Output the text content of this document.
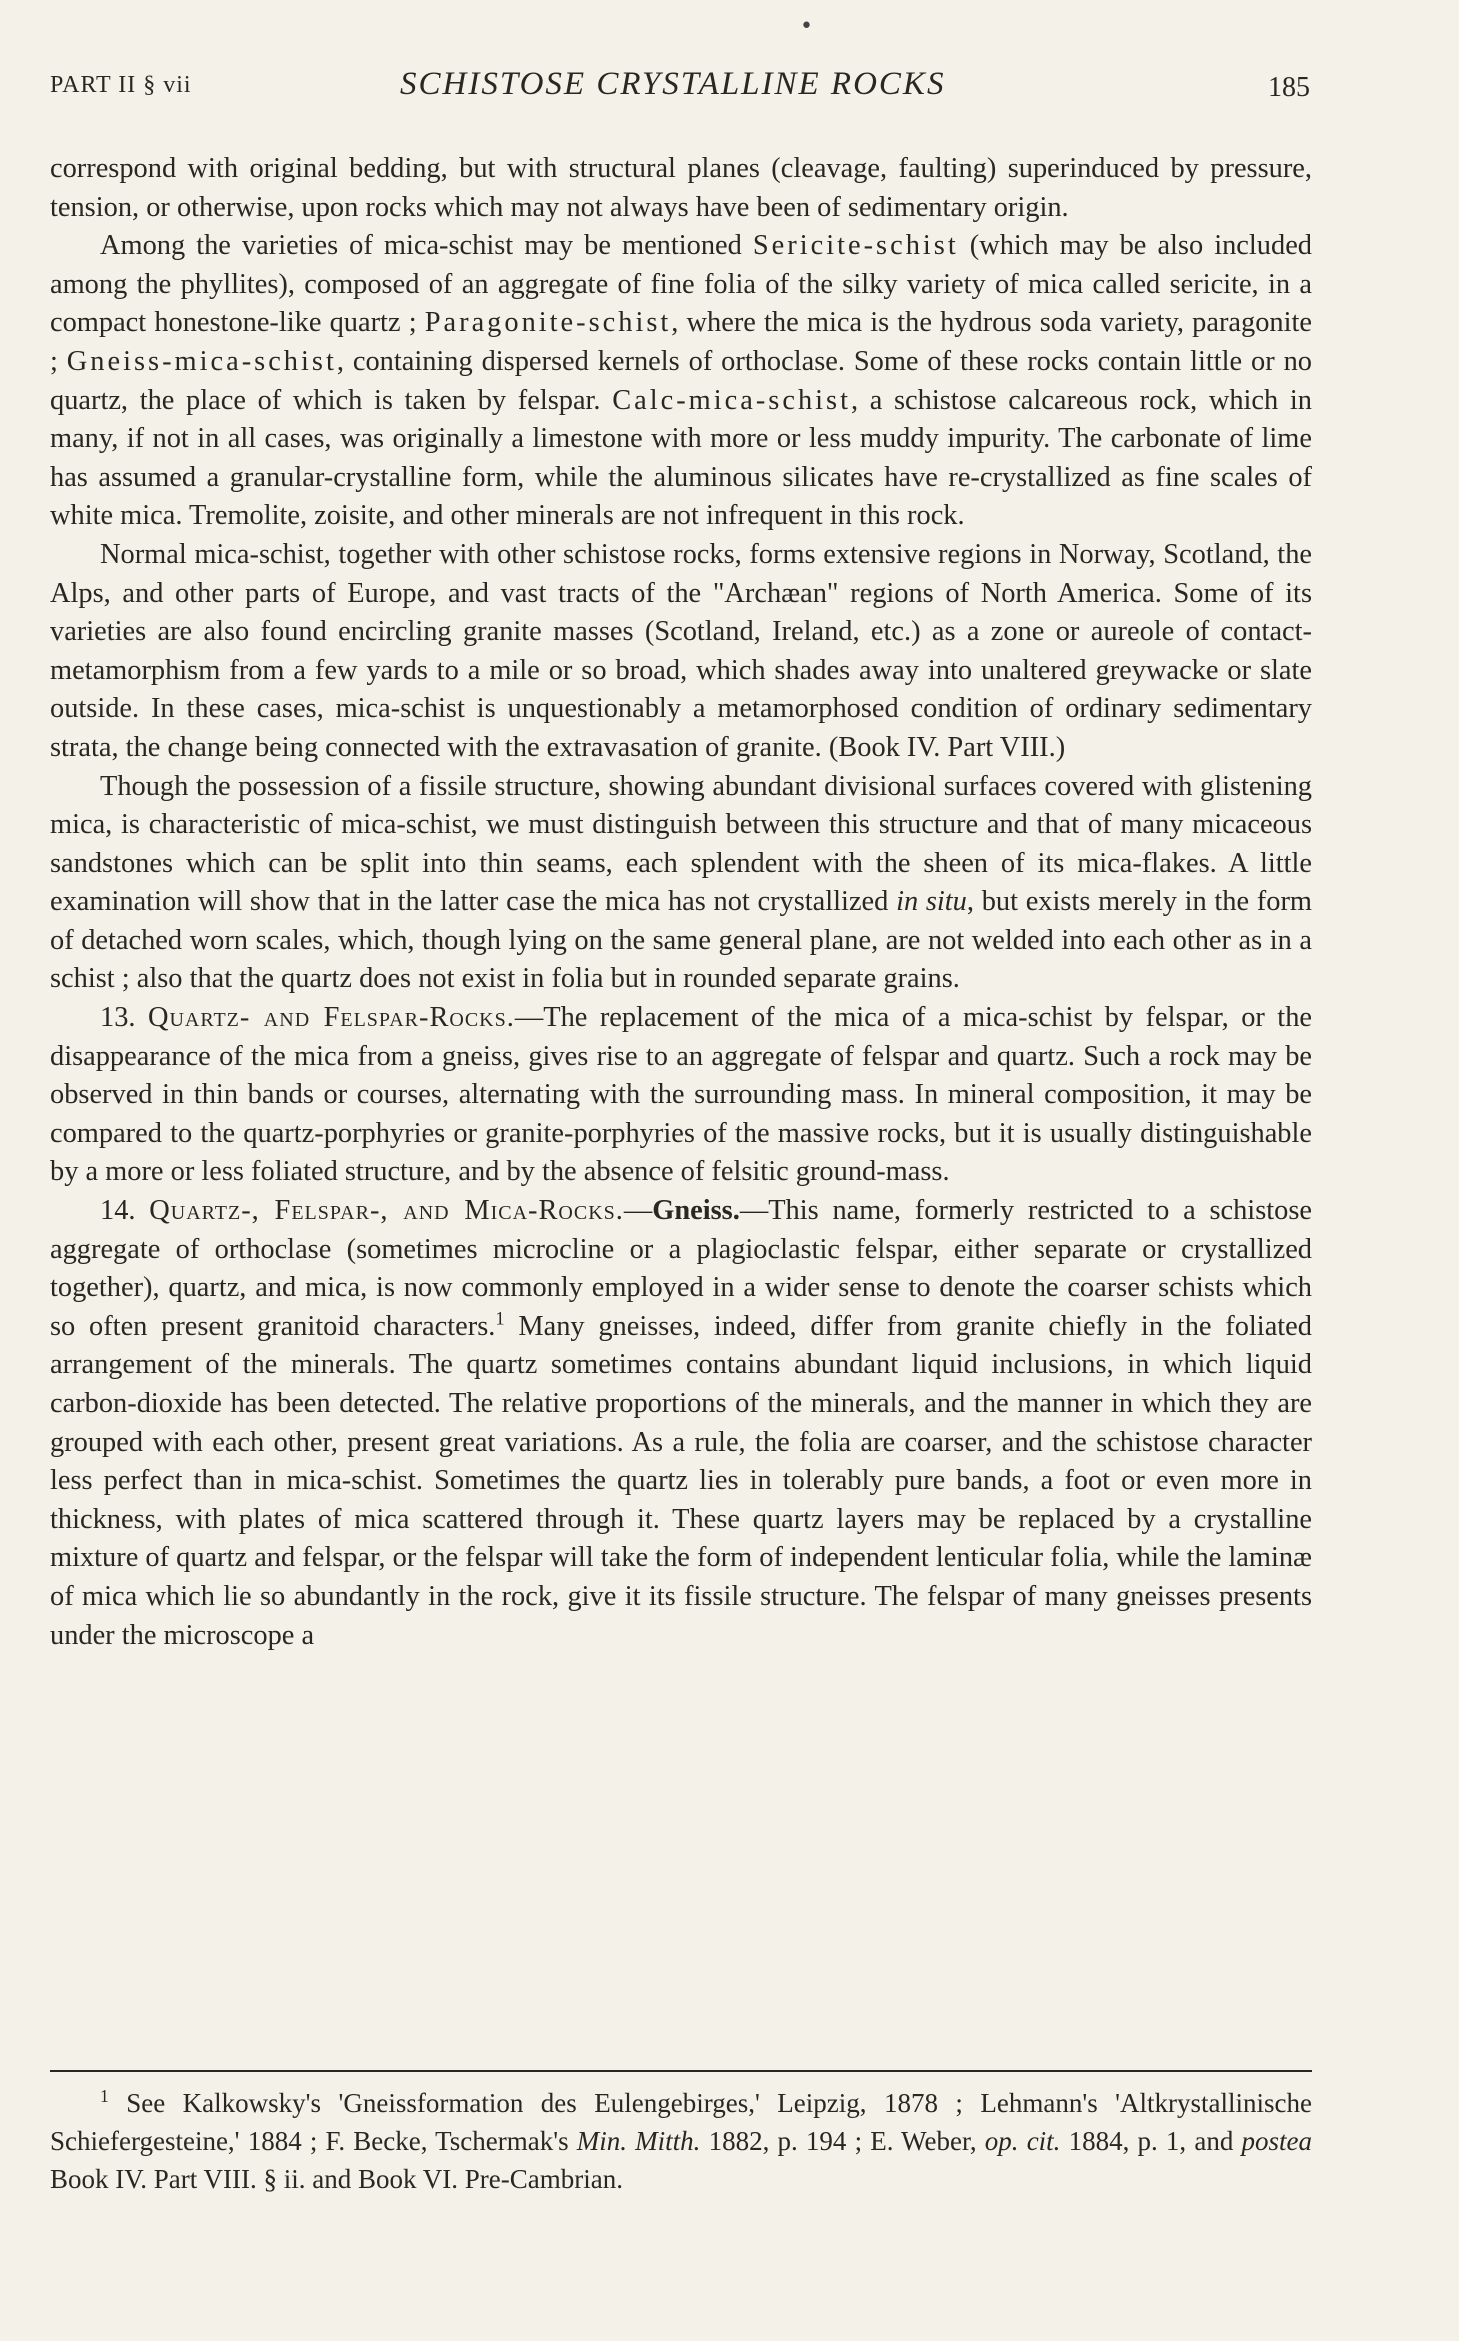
•
PART II § vii	SCHISTOSE CRYSTALLINE ROCKS	185

correspond with original bedding, but with structural planes (cleavage, faulting) superinduced by pressure, tension, or otherwise, upon rocks which may not always have been of sedimentary origin.

Among the varieties of mica-schist may be mentioned Sericite-schist (which may be also included among the phyllites), composed of an aggregate of fine folia of the silky variety of mica called sericite, in a compact honestone-like quartz ; Paragonite-schist, where the mica is the hydrous soda variety, paragonite ; Gneiss-mica-schist, containing dispersed kernels of orthoclase. Some of these rocks contain little or no quartz, the place of which is taken by felspar. Calc-mica-schist, a schistose calcareous rock, which in many, if not in all cases, was originally a limestone with more or less muddy impurity. The carbonate of lime has assumed a granular-crystalline form, while the aluminous silicates have re-crystallized as fine scales of white mica. Tremolite, zoisite, and other minerals are not infrequent in this rock.

Normal mica-schist, together with other schistose rocks, forms extensive regions in Norway, Scotland, the Alps, and other parts of Europe, and vast tracts of the "Archæan" regions of North America. Some of its varieties are also found encircling granite masses (Scotland, Ireland, etc.) as a zone or aureole of contact-metamorphism from a few yards to a mile or so broad, which shades away into unaltered greywacke or slate outside. In these cases, mica-schist is unquestionably a metamorphosed condition of ordinary sedimentary strata, the change being connected with the extravasation of granite. (Book IV. Part VIII.)

Though the possession of a fissile structure, showing abundant divisional surfaces covered with glistening mica, is characteristic of mica-schist, we must distinguish between this structure and that of many micaceous sandstones which can be split into thin seams, each splendent with the sheen of its mica-flakes. A little examination will show that in the latter case the mica has not crystallized in situ, but exists merely in the form of detached worn scales, which, though lying on the same general plane, are not welded into each other as in a schist ; also that the quartz does not exist in folia but in rounded separate grains.

13. Quartz- and Felspar-Rocks.—The replacement of the mica of a mica-schist by felspar, or the disappearance of the mica from a gneiss, gives rise to an aggregate of felspar and quartz. Such a rock may be observed in thin bands or courses, alternating with the surrounding mass. In mineral composition, it may be compared to the quartz-porphyries or granite-porphyries of the massive rocks, but it is usually distinguishable by a more or less foliated structure, and by the absence of felsitic ground-mass.

14. Quartz-, Felspar-, and Mica-Rocks.—Gneiss.—This name, formerly restricted to a schistose aggregate of orthoclase (sometimes microcline or a plagioclastic felspar, either separate or crystallized together), quartz, and mica, is now commonly employed in a wider sense to denote the coarser schists which so often present granitoid characters.$^1$ Many gneisses, indeed, differ from granite chiefly in the foliated arrangement of the minerals. The quartz sometimes contains abundant liquid inclusions, in which liquid carbon-dioxide has been detected. The relative proportions of the minerals, and the manner in which they are grouped with each other, present great variations. As a rule, the folia are coarser, and the schistose character less perfect than in mica-schist. Sometimes the quartz lies in tolerably pure bands, a foot or even more in thickness, with plates of mica scattered through it. These quartz layers may be replaced by a crystalline mixture of quartz and felspar, or the felspar will take the form of independent lenticular folia, while the laminæ of mica which lie so abundantly in the rock, give it its fissile structure. The felspar of many gneisses presents under the microscope a

$^1$ See Kalkowsky's 'Gneissformation des Eulengebirges,' Leipzig, 1878 ; Lehmann's 'Altkrystallinische Schiefergesteine,' 1884 ; F. Becke, Tschermak's Min. Mitth. 1882, p. 194 ; E. Weber, op. cit. 1884, p. 1, and postea Book IV. Part VIII. § ii. and Book VI. Pre-Cambrian.
